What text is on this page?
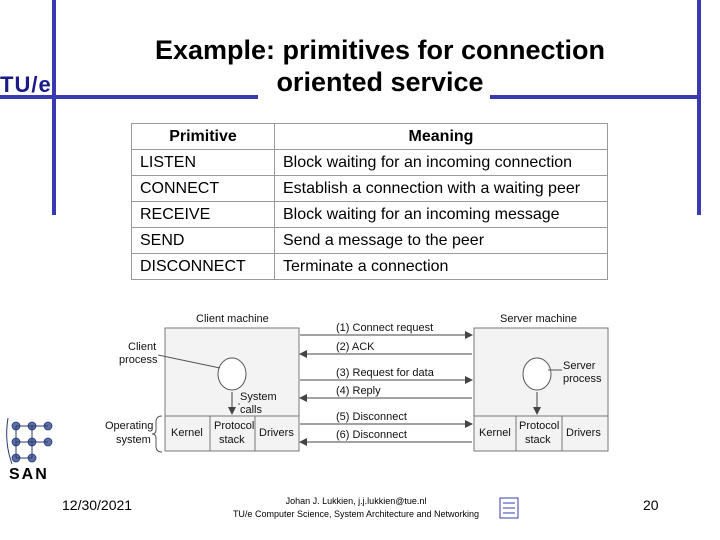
TU/e
Example: primitives for connection
oriented service
Primitive	Meaning
LISTEN	Block waiting for an incoming connection
CONNECT	Establish a connection with a waiting peer
RECEIVE	Block waiting for an incoming message
SEND	Send a message to the peer
DISCONNECT	Terminate a connection
Client machine	Server machine
Client
process	Server
process
System
calls
Operating
system
Kernel
Protocol
stack
Drivers	Kernel
Protocol
stack
Drivers
(1) Connect request
(2) ACK
(3) Request for data
(4) Reply
(5) Disconnect
(6) Disconnect
SAN
12/30/2021	Johan J. Lukkien, j.j.lukkien@tue.nl
TU/e Computer Science, System Architecture and Networking
20
